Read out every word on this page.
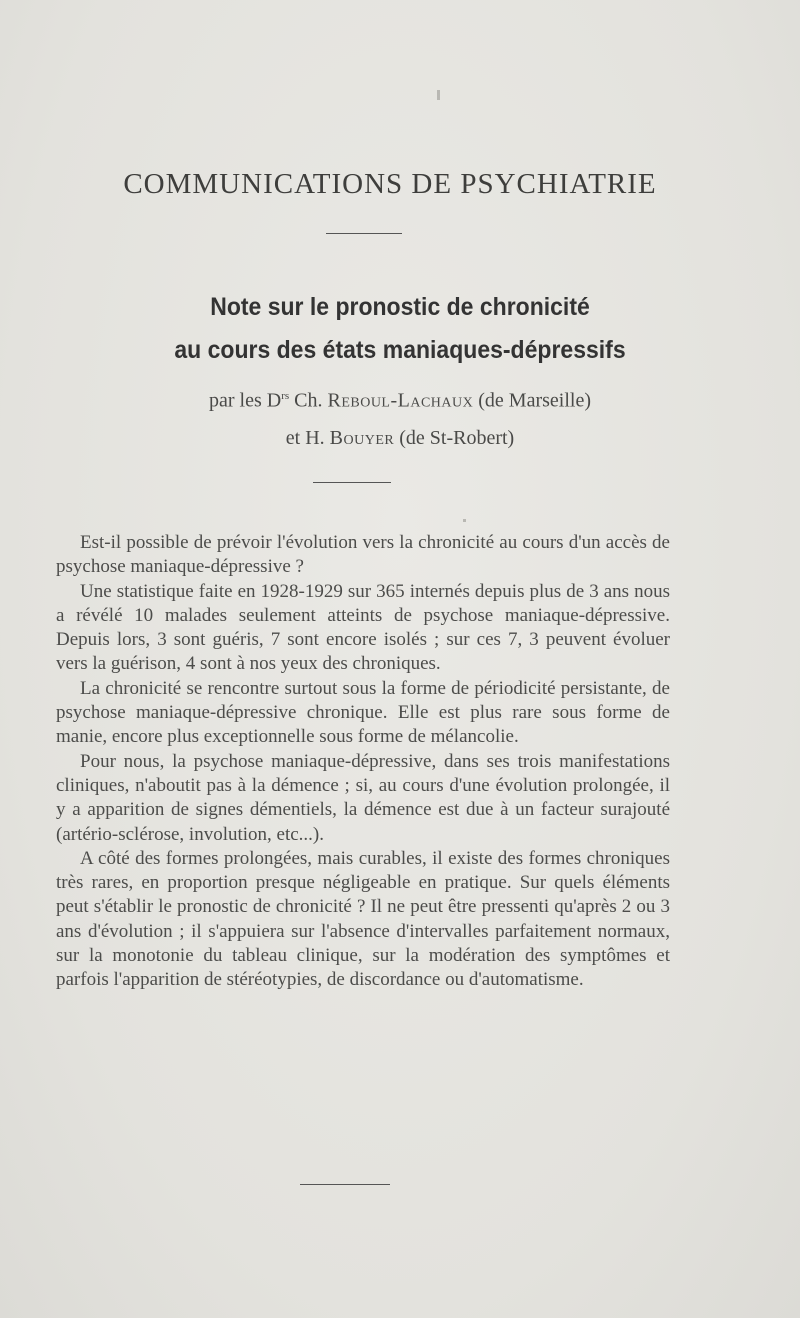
COMMUNICATIONS DE PSYCHIATRIE
Note sur le pronostic de chronicité
au cours des états maniaques-dépressifs
par les $D^{rs}$ Ch. Reboul-Lachaux (de Marseille)
et H. Bouyer (de St-Robert)

Est-il possible de prévoir l'évolution vers la chronicité au cours d'un accès de psychose maniaque-dépressive ?

Une statistique faite en 1928-1929 sur 365 internés depuis plus de 3 ans nous a révélé 10 malades seulement atteints de psychose maniaque-dépressive. Depuis lors, 3 sont guéris, 7 sont encore isolés ; sur ces 7, 3 peuvent évoluer vers la guérison, 4 sont à nos yeux des chroniques.

La chronicité se rencontre surtout sous la forme de périodicité persistante, de psychose maniaque-dépressive chronique. Elle est plus rare sous forme de manie, encore plus exceptionnelle sous forme de mélancolie.

Pour nous, la psychose maniaque-dépressive, dans ses trois manifestations cliniques, n'aboutit pas à la démence ; si, au cours d'une évolution prolongée, il y a apparition de signes démentiels, la démence est due à un facteur surajouté (artério-sclérose, involution, etc...).

A côté des formes prolongées, mais curables, il existe des formes chroniques très rares, en proportion presque négligeable en pratique. Sur quels éléments peut s'établir le pronostic de chronicité ? Il ne peut être pressenti qu'après 2 ou 3 ans d'évolution ; il s'appuiera sur l'absence d'intervalles parfaitement normaux, sur la monotonie du tableau clinique, sur la modération des symptômes et parfois l'apparition de stéréotypies, de discordance ou d'automatisme.
